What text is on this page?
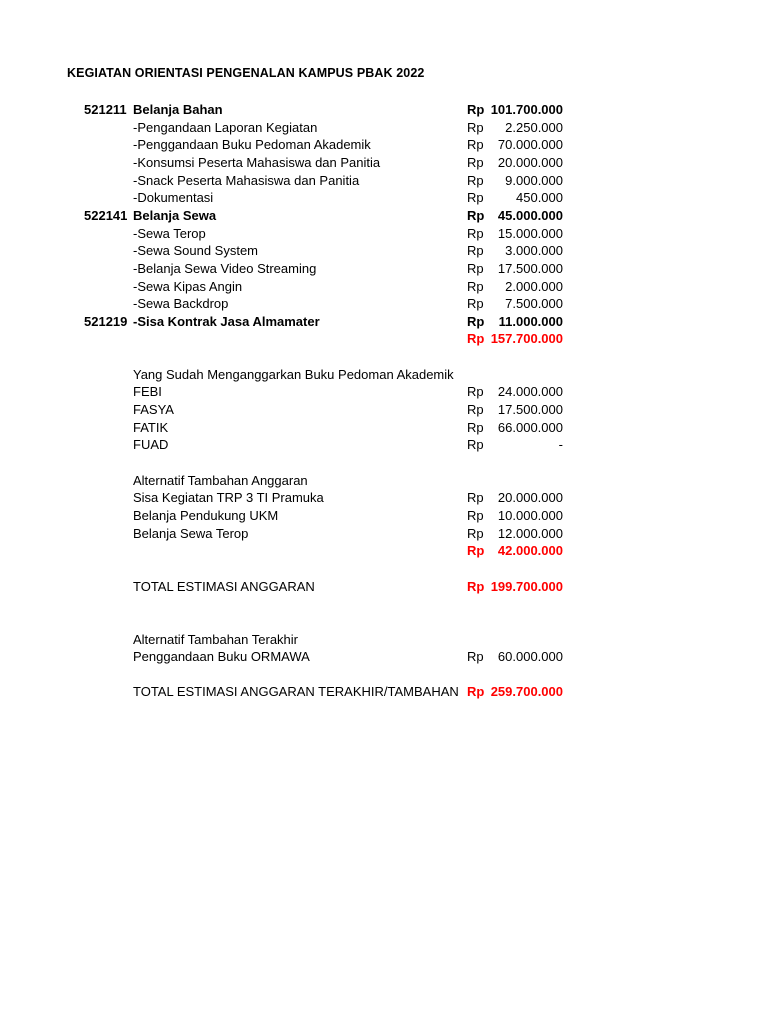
KEGIATAN ORIENTASI PENGENALAN KAMPUS PBAK 2022
521211 Belanja Bahan	Rp 101.700.000
-Pengandaan Laporan Kegiatan	Rp 2.250.000
-Penggandaan Buku Pedoman Akademik	Rp 70.000.000
-Konsumsi Peserta Mahasiswa dan Panitia	Rp 20.000.000
-Snack Peserta Mahasiswa dan Panitia	Rp 9.000.000
-Dokumentasi	Rp 450.000
522141 Belanja Sewa	Rp 45.000.000
-Sewa Terop	Rp 15.000.000
-Sewa Sound System	Rp 3.000.000
-Belanja Sewa Video Streaming	Rp 17.500.000
-Sewa Kipas Angin	Rp 2.000.000
-Sewa Backdrop	Rp 7.500.000
521219 -Sisa Kontrak Jasa Almamater	Rp 11.000.000
Rp 157.700.000
Yang Sudah Menganggarkan Buku Pedoman Akademik
FEBI	Rp 24.000.000
FASYA	Rp 17.500.000
FATIK	Rp 66.000.000
FUAD	Rp	-
Alternatif Tambahan Anggaran
Sisa Kegiatan TRP 3 TI Pramuka	Rp 20.000.000
Belanja Pendukung UKM	Rp 10.000.000
Belanja Sewa Terop	Rp 12.000.000
Rp 42.000.000
TOTAL ESTIMASI ANGGARAN	Rp 199.700.000
Alternatif Tambahan Terakhir
Penggandaan Buku ORMAWA	Rp 60.000.000
TOTAL ESTIMASI ANGGARAN TERAKHIR/TAMBAHAN Rp 259.700.000
